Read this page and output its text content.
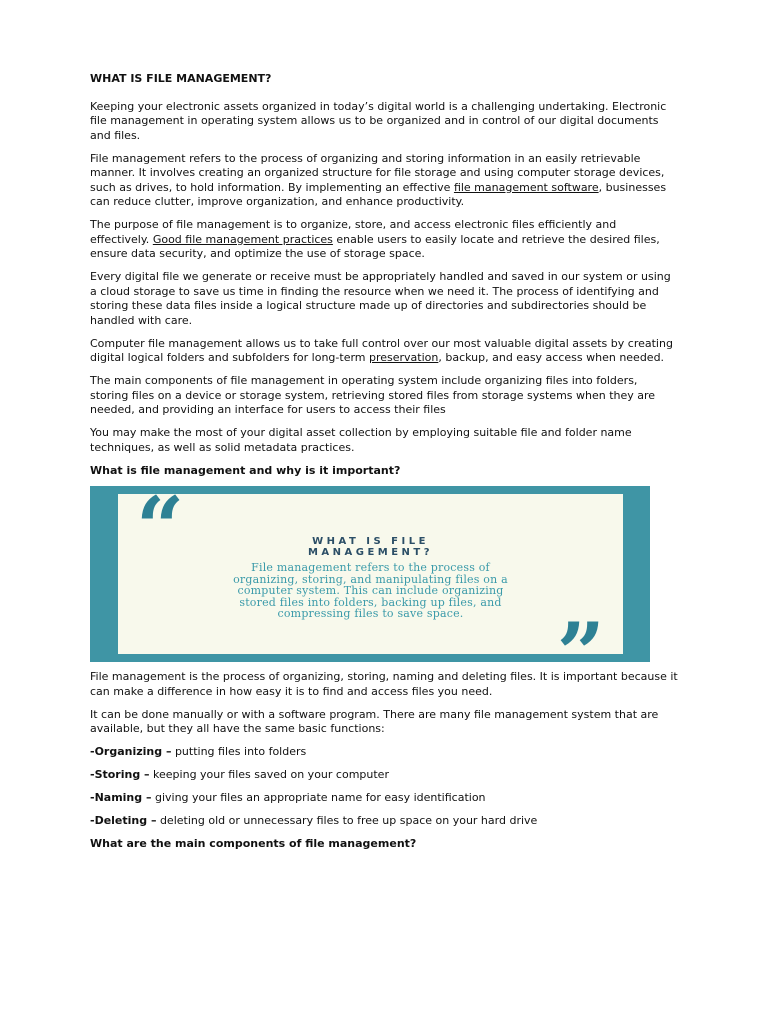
WHAT IS FILE MANAGEMENT?

Keeping your electronic assets organized in today’s digital world is a challenging undertaking. Electronic file management in operating system allows us to be organized and in control of our digital documents and files.

File management refers to the process of organizing and storing information in an easily retrievable manner. It involves creating an organized structure for file storage and using computer storage devices, such as drives, to hold information. By implementing an effective file management software, businesses can reduce clutter, improve organization, and enhance productivity.

The purpose of file management is to organize, store, and access electronic files efficiently and effectively. Good file management practices enable users to easily locate and retrieve the desired files, ensure data security, and optimize the use of storage space.

Every digital file we generate or receive must be appropriately handled and saved in our system or using a cloud storage to save us time in finding the resource when we need it. The process of identifying and storing these data files inside a logical structure made up of directories and subdirectories should be handled with care.

Computer file management allows us to take full control over our most valuable digital assets by creating digital logical folders and subfolders for long-term preservation, backup, and easy access when needed.

The main components of file management in operating system include organizing files into folders, storing files on a device or storage system, retrieving stored files from storage systems when they are needed, and providing an interface for users to access their files

You may make the most of your digital asset collection by employing suitable file and folder name techniques, as well as solid metadata practices.

What is file management and why is it important?

“	WHAT IS FILE
MANAGEMENT?
File management refers to the process of
organizing, storing, and manipulating files on a
computer system. This can include organizing
stored files into folders, backing up files, and
compressing files to save space.	”

File management is the process of organizing, storing, naming and deleting files. It is important because it can make a difference in how easy it is to find and access files you need.

It can be done manually or with a software program. There are many file management system that are available, but they all have the same basic functions:

-Organizing – putting files into folders

-Storing – keeping your files saved on your computer

-Naming – giving your files an appropriate name for easy identification

-Deleting – deleting old or unnecessary files to free up space on your hard drive

What are the main components of file management?
